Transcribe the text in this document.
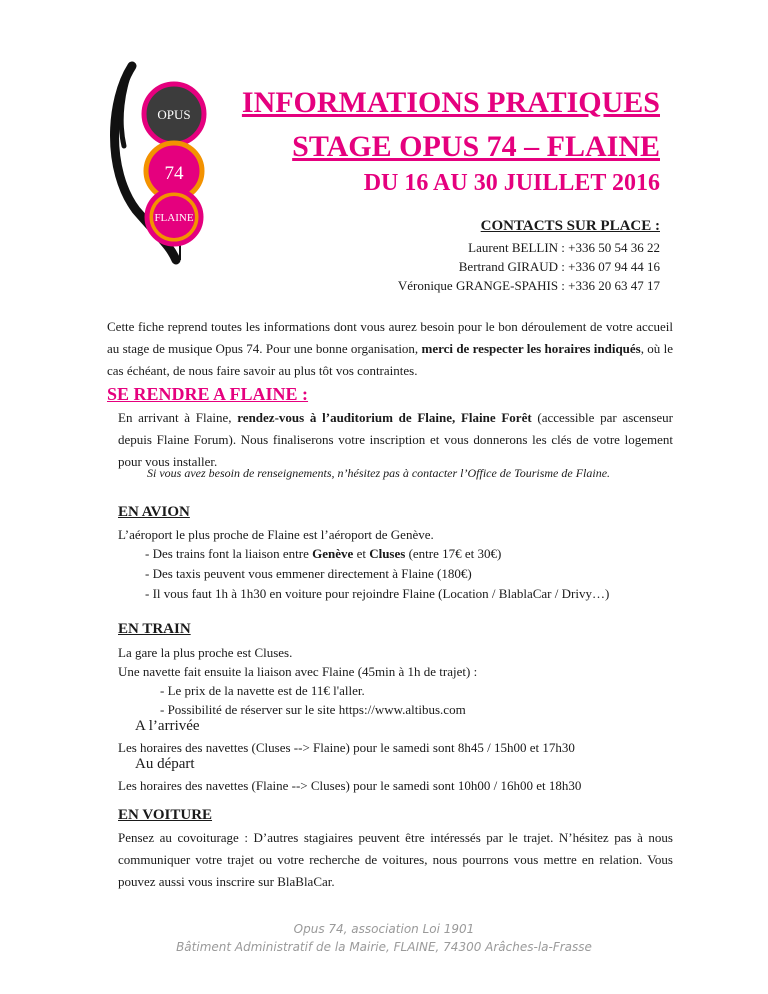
OPUS
74
FLAINE
INFORMATIONS PRATIQUES
STAGE OPUS 74 – FLAINE
DU 16 AU 30 JUILLET 2016
CONTACTS SUR PLACE :
Laurent BELLIN : +336 50 54 36 22
Bertrand GIRAUD : +336 07 94 44 16
Véronique GRANGE-SPAHIS : +336 20 63 47 17

Cette fiche reprend toutes les informations dont vous aurez besoin pour le bon déroulement de votre accueil au stage de musique Opus 74. Pour une bonne organisation, merci de respecter les horaires indiqués, où le cas échéant, de nous faire savoir au plus tôt vos contraintes.

SE RENDRE A FLAINE :

En arrivant à Flaine, rendez-vous à l’auditorium de Flaine, Flaine Forêt (accessible par ascenseur depuis Flaine Forum). Nous finaliserons votre inscription et vous donnerons les clés de votre logement pour vous installer.

Si vous avez besoin de renseignements, n’hésitez pas à contacter l’Office de Tourisme de Flaine.
EN AVION
L’aéroport le plus proche de Flaine est l’aéroport de Genève.
- Des trains font la liaison entre Genève et Cluses (entre 17€ et 30€)
- Des taxis peuvent vous emmener directement à Flaine (180€)
- Il vous faut 1h à 1h30 en voiture pour rejoindre Flaine (Location / BlablaCar / Drivy…)
EN TRAIN
La gare la plus proche est Cluses.
Une navette fait ensuite la liaison avec Flaine (45min à 1h de trajet) :
- Le prix de la navette est de 11€ l'aller.
- Possibilité de réserver sur le site https://www.altibus.com
A l’arrivée
Les horaires des navettes (Cluses --> Flaine) pour le samedi sont 8h45 / 15h00 et 17h30
Au départ
Les horaires des navettes (Flaine --> Cluses) pour le samedi sont 10h00 / 16h00 et 18h30
EN VOITURE

Pensez au covoiturage : D’autres stagiaires peuvent être intéressés par le trajet. N’hésitez pas à nous communiquer votre trajet ou votre recherche de voitures, nous pourrons vous mettre en relation. Vous pouvez aussi vous inscrire sur BlaBlaCar.

Opus 74, association Loi 1901
Bâtiment Administratif de la Mairie, FLAINE, 74300 Arâches-la-Frasse
